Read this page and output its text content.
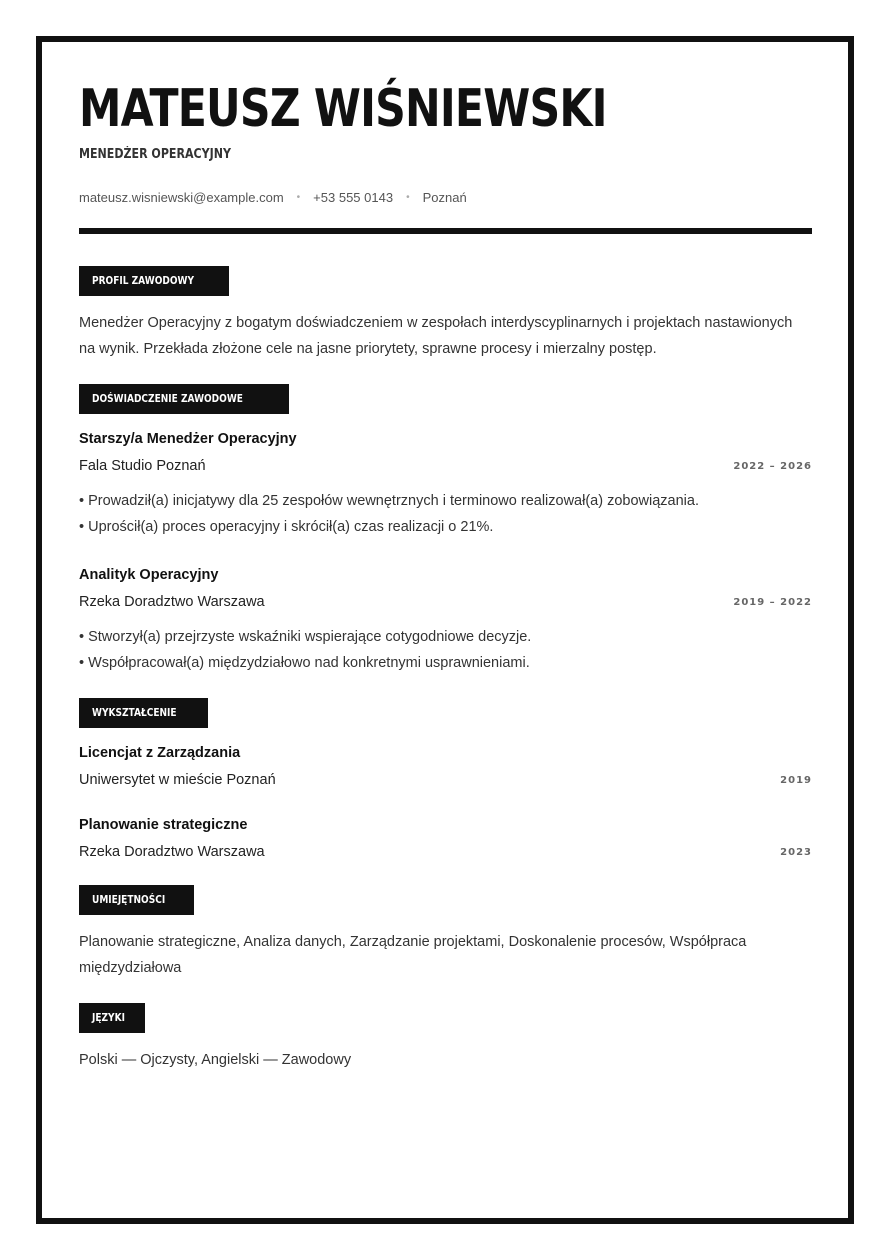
MATEUSZ WIŚNIEWSKI
MENEDŻER OPERACYJNY
mateusz.wisniewski@example.com • +53 555 0143 • Poznań
PROFIL ZAWODOWY

Menedżer Operacyjny z bogatym doświadczeniem w zespołach interdyscyplinarnych i projektach nastawionych na wynik. Przekłada złożone cele na jasne priorytety, sprawne procesy i mierzalny postęp.

DOŚWIADCZENIE ZAWODOWE
Starszy/a Menedżer Operacyjny
Fala Studio Poznań	2022 – 2026
• Prowadził(a) inicjatywy dla 25 zespołów wewnętrznych i terminowo realizował(a) zobowiązania.
• Uprościł(a) proces operacyjny i skrócił(a) czas realizacji o 21%.
Analityk Operacyjny
Rzeka Doradztwo Warszawa	2019 – 2022
• Stworzył(a) przejrzyste wskaźniki wspierające cotygodniowe decyzje.
• Współpracował(a) międzydziałowo nad konkretnymi usprawnieniami.
WYKSZTAŁCENIE
Licencjat z Zarządzania
Uniwersytet w mieście Poznań	2019
Planowanie strategiczne
Rzeka Doradztwo Warszawa	2023
UMIEJĘTNOŚCI

Planowanie strategiczne, Analiza danych, Zarządzanie projektami, Doskonalenie procesów, Współpraca międzydziałowa

JĘZYKI

Polski — Ojczysty, Angielski — Zawodowy
